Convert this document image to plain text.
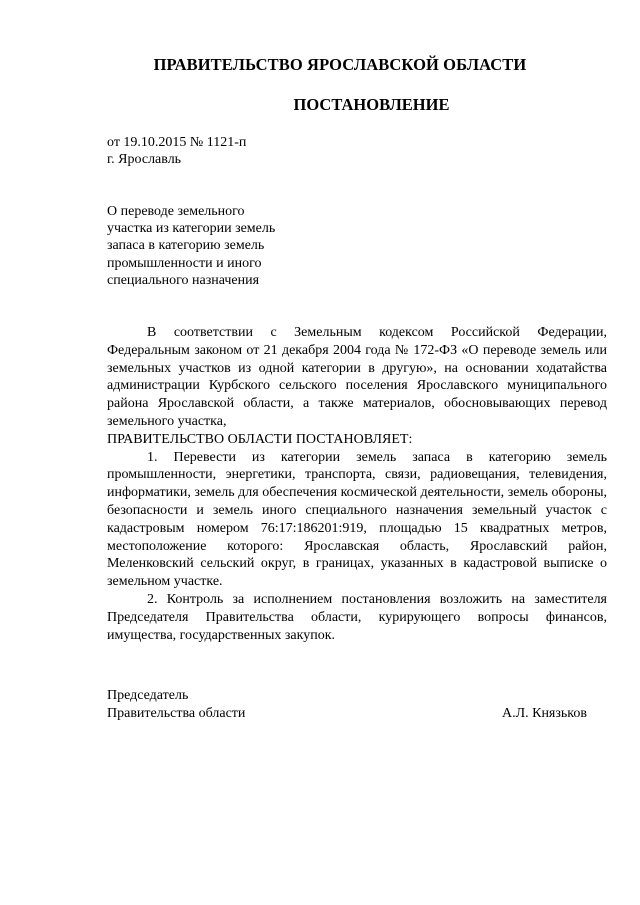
ПРАВИТЕЛЬСТВО ЯРОСЛАВСКОЙ ОБЛАСТИ
ПОСТАНОВЛЕНИЕ
от 19.10.2015 № 1121-п
г. Ярославль
О переводе земельного
участка из категории земель
запаса в категорию земель
промышленности и иного
специального назначения

В соответствии с Земельным кодексом Российской Федерации, Федеральным законом от 21 декабря 2004 года № 172-ФЗ «О переводе земель или земельных участков из одной категории в другую», на основании ходатайства администрации Курбского сельского поселения Ярославского муниципального района Ярославской области, а также материалов, обосновывающих перевод земельного участка,

ПРАВИТЕЛЬСТВО ОБЛАСТИ ПОСТАНОВЛЯЕТ:

1. Перевести из категории земель запаса в категорию земель промышленности, энергетики, транспорта, связи, радиовещания, телевидения, информатики, земель для обеспечения космической деятельности, земель обороны, безопасности и земель иного специального назначения земельный участок с кадастровым номером 76:17:186201:919, площадью 15 квадратных метров, местоположение которого: Ярославская область, Ярославский район, Меленковский сельский округ, в границах, указанных в кадастровой выписке о земельном участке.

2. Контроль за исполнением постановления возложить на заместителя Председателя Правительства области, курирующего вопросы финансов, имущества, государственных закупок.

Председатель
Правительства области	А.Л. Князьков
